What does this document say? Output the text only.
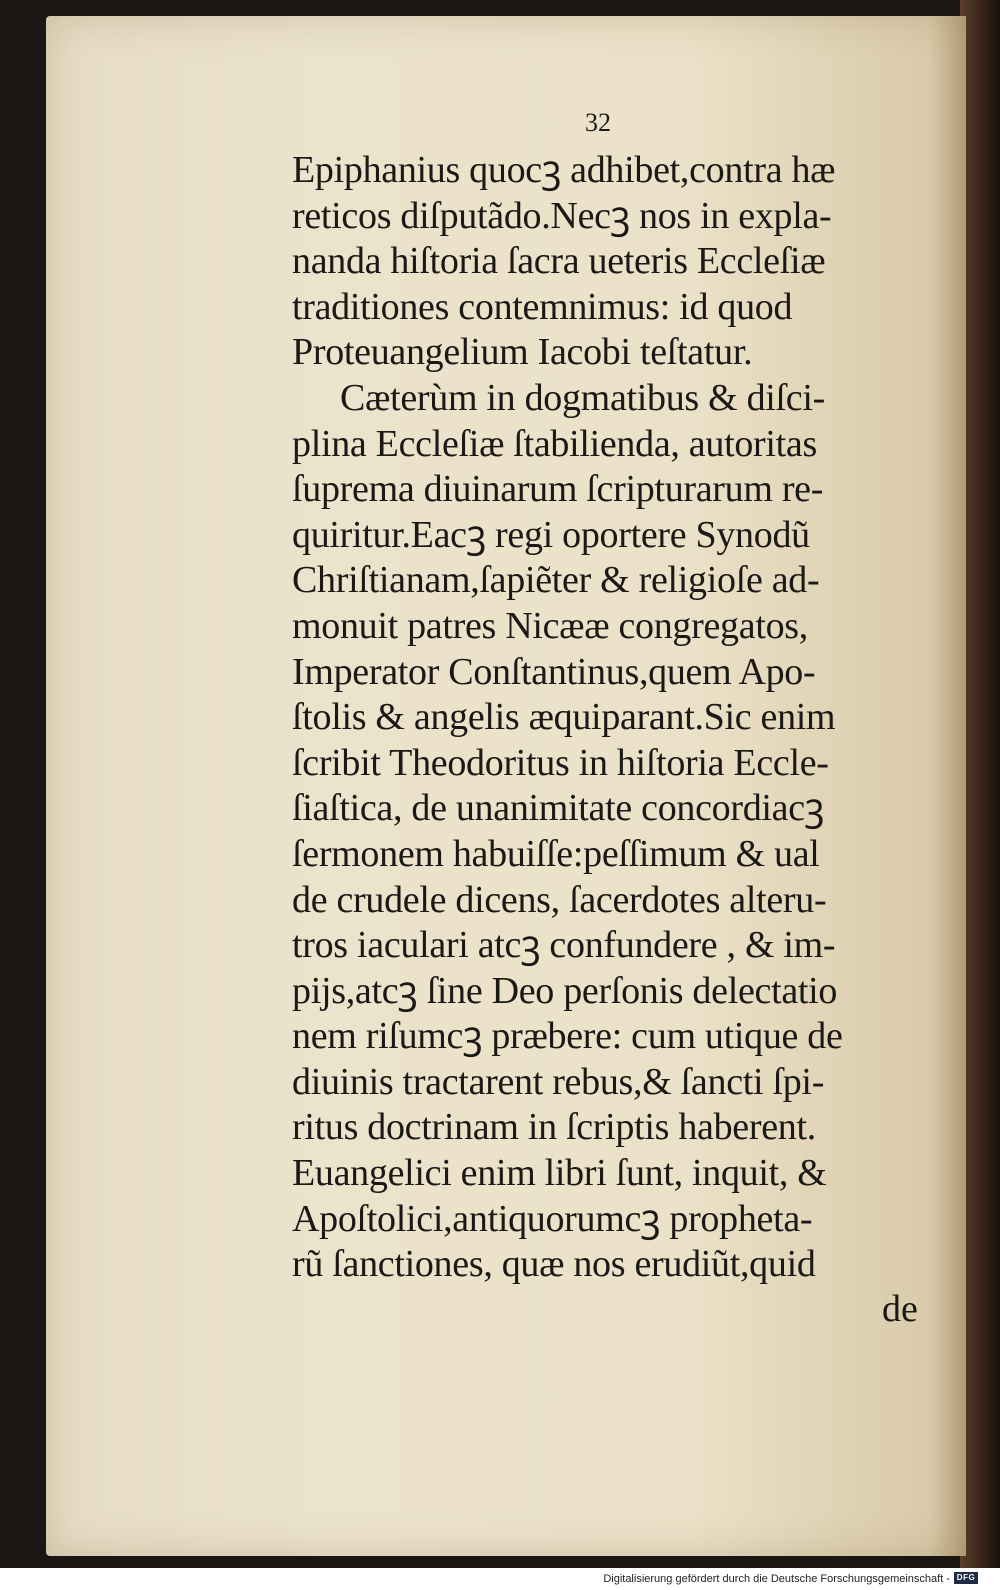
32
Epiphanius quocꝫ adhibet,contra hæ
reticos diſputãdo.Necꝫ nos in expla-
nanda hiſtoria ſacra ueteris Eccleſiæ
traditiones contemnimus: id quod
Proteuangelium Iacobi teſtatur.
Cæterùm in dogmatibus & diſci-
plina Eccleſiæ ſtabilienda, autoritas
ſuprema diuinarum ſcripturarum re-
quiritur.Eacꝫ regi oportere Synodũ
Chriſtianam,ſapiẽter & religioſe ad-
monuit patres Nicææ congregatos,
Imperator Conſtantinus,quem Apo-
ſtolis & angelis æquiparant.Sic enim
ſcribit Theodoritus in hiſtoria Eccle-
ſiaſtica, de unanimitate concordiacꝫ
ſermonem habuiſſe:peſſimum & ual
de crudele dicens, ſacerdotes alteru-
tros iaculari atcꝫ confundere , & im-
pijs,atcꝫ ſine Deo perſonis delectatio
nem riſumcꝫ præbere: cum utique de
diuinis tractarent rebus,& ſancti ſpi-
ritus doctrinam in ſcriptis haberent.
Euangelici enim libri ſunt, inquit, &
Apoſtolici,antiquorumcꝫ propheta-
rũ ſanctiones, quæ nos erudiũt,quid
de
Digitalisierung gefördert durch die Deutsche Forschungsgemeinschaft - DFG
